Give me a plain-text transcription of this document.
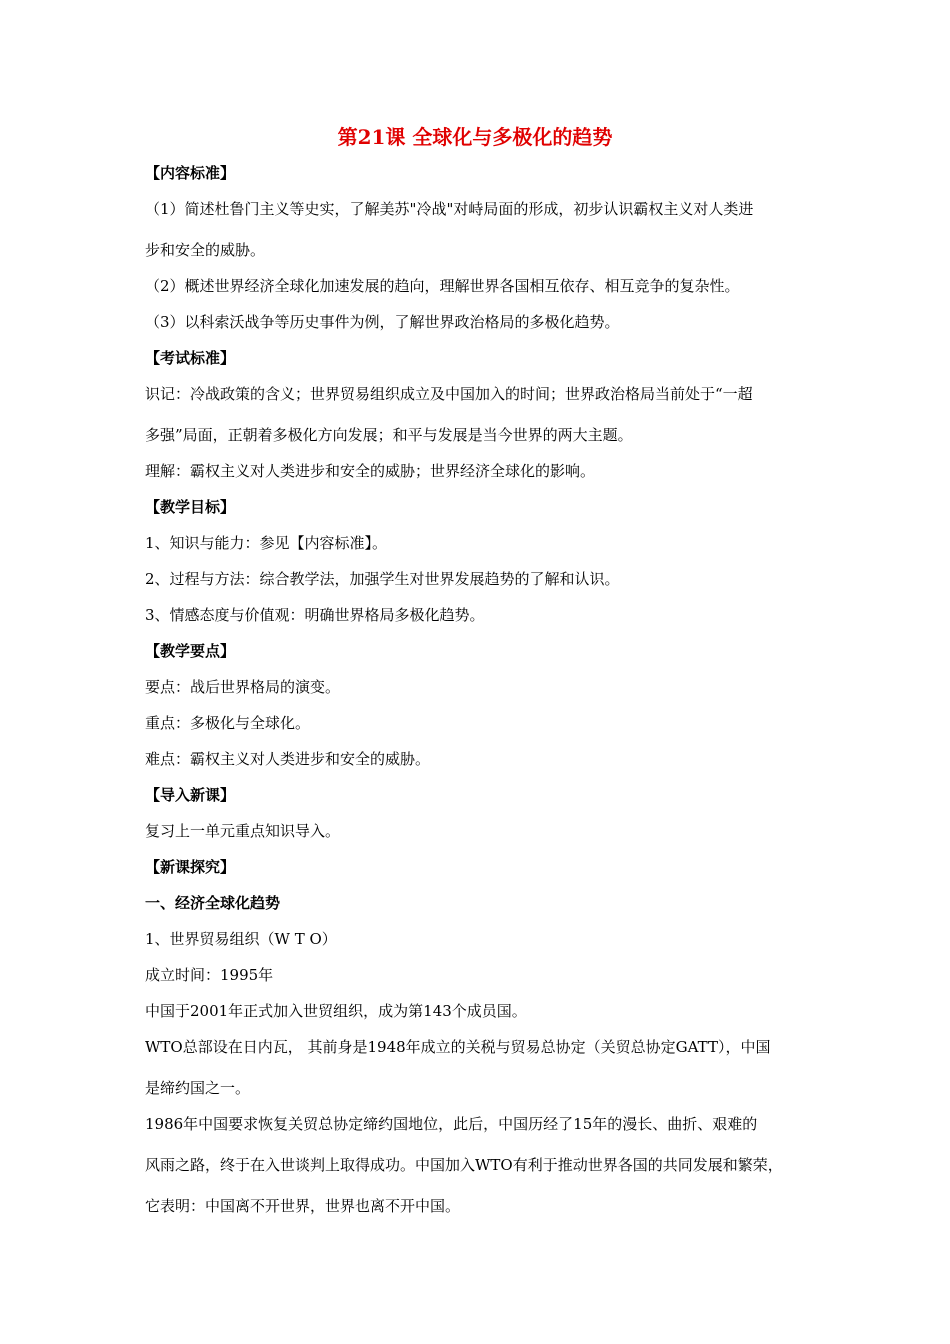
第21课 全球化与多极化的趋势
【内容标准】
（1）简述杜鲁门主义等史实，了解美苏"冷战"对峙局面的形成，初步认识霸权主义对人类进
步和安全的威胁。
（2）概述世界经济全球化加速发展的趋向，理解世界各国相互依存、相互竞争的复杂性。
（3）以科索沃战争等历史事件为例，了解世界政治格局的多极化趋势。
【考试标准】
识记：冷战政策的含义；世界贸易组织成立及中国加入的时间；世界政治格局当前处于“一超
多强”局面，正朝着多极化方向发展；和平与发展是当今世界的两大主题。
理解：霸权主义对人类进步和安全的威胁；世界经济全球化的影响。
【教学目标】
1、知识与能力：参见【内容标准】。
2、过程与方法：综合教学法，加强学生对世界发展趋势的了解和认识。
3、情感态度与价值观：明确世界格局多极化趋势。
【教学要点】
要点：战后世界格局的演变。
重点：多极化与全球化。
难点：霸权主义对人类进步和安全的威胁。
【导入新课】
复习上一单元重点知识导入。
【新课探究】
一、经济全球化趋势
1、世界贸易组织（W T O）
成立时间：1995年
中国于2001年正式加入世贸组织，成为第143个成员国。
WTO总部设在日内瓦， 其前身是1948年成立的关税与贸易总协定（关贸总协定GATT），中国
是缔约国之一。
1986年中国要求恢复关贸总协定缔约国地位，此后，中国历经了15年的漫长、曲折、艰难的
风雨之路，终于在入世谈判上取得成功。中国加入WTO有利于推动世界各国的共同发展和繁荣，
它表明：中国离不开世界，世界也离不开中国。
